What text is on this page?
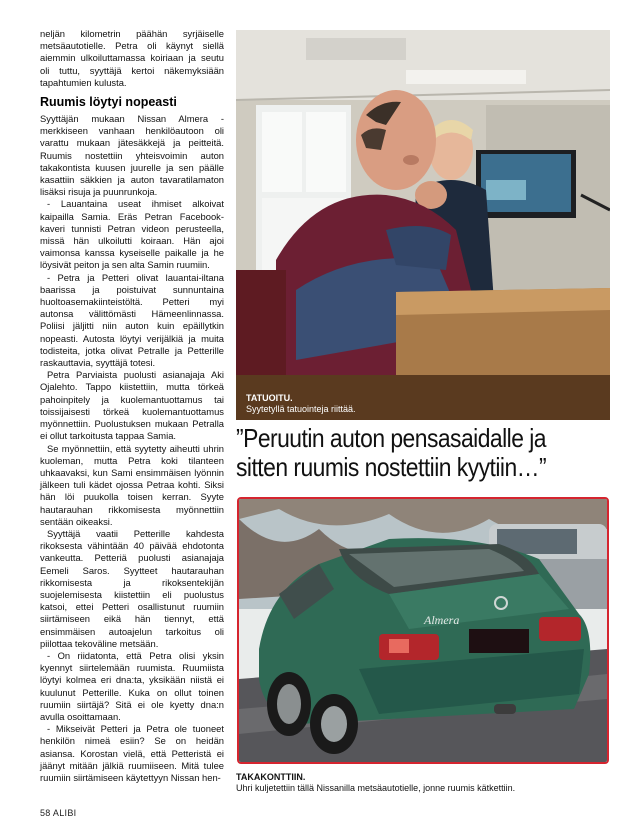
neljän kilometrin päähän syrjäiselle metsäautotielle. Petra oli käynyt siellä aiemmin ulkoiluttamassa koiriaan ja seutu oli tuttu, syyttäjä kertoi näkemyksiään tapahtumien kulusta.

Ruumis löytyi nopeasti

Syyttäjän mukaan Nissan Almera -merkkiseen vanhaan henkilöautoon oli varattu mukaan jätesäkkejä ja peitteitä. Ruumis nostettiin yhteisvoimin auton takakontista kuusen juurelle ja sen päälle kasattiin säkkien ja auton tavaratilamaton lisäksi risuja ja puunrunkoja.

- Lauantaina useat ihmiset alkoivat kaipailla Samia. Eräs Petran Facebook-kaveri tunnisti Petran videon perusteella, missä hän ulkoilutti koiraan. Hän ajoi vaimonsa kanssa kyseiselle paikalle ja he löysivät peiton ja sen alta Samin ruumiin.

- Petra ja Petteri olivat lauantai-iltana baarissa ja poistuivat sunnuntaina huoltoasemakiinteistöltä. Petteri myi autonsa välittömästi Hämeenlinnassa. Poliisi jäljitti niin auton kuin epäillytkin nopeasti. Autosta löytyi verijälkiä ja muita todisteita, jotka olivat Petralle ja Petterille raskauttavia, syyttäjä totesi.

Petra Parviaista puolusti asianajaja Aki Ojalehto. Tappo kiistettiin, mutta törkeä pahoinpitely ja kuolemantuottamus tai toissijaisesti törkeä kuolemantuottamus myönnettiin. Puolustuksen mukaan Petralla ei ollut tarkoitusta tappaa Samia.

Se myönnettiin, että syytetty aiheutti uhrin kuoleman, mutta Petra koki tilanteen uhkaavaksi, kun Sami ensimmäisen lyönnin jälkeen tuli kädet ojossa Petraa kohti. Siksi hän löi puukolla toisen kerran. Syyte hautarauhan rikkomisesta myönnettiin sentään oikeaksi.

Syyttäjä vaatii Petterille kahdesta rikoksesta vähintään 40 päivää ehdotonta vankeutta. Petteriä puolusti asianajaja Eemeli Saros. Syytteet hautarauhan rikkomisesta ja rikoksentekijän suojelemisesta kiistettiin eli puolustus katsoi, ettei Petteri osallistunut ruumiin siirtämiseen eikä hän tiennyt, että ensimmäisen autoajelun tarkoitus oli piilottaa tekoväline metsään.

- On riidatonta, että Petra olisi yksin kyennyt siirtelemään ruumista. Ruumiista löytyi kolmea eri dna:ta, yksikään niistä ei kuulunut Petterille. Kuka on ollut toinen ruumiin siirtäjä? Sitä ei ole kyetty dna:n avulla osoittamaan.

- Mikseivät Petteri ja Petra ole tuoneet henkilön nimeä esiin? Se on heidän asiansa. Korostan vielä, että Petteristä ei jäänyt mitään jälkiä ruumiiseen. Mitä tulee ruumiin siirtämiseen käytettyyn Nissan hen-

58 ALIBI
TATUOITU.
Syytetyllä tatuointeja riittää.
”Peruutin auton pensasaidalle ja
sitten ruumis nostettiin kyytiin…”
Almera
TAKAKONTTIIN.
Uhri kuljetettiin tällä Nissanilla metsäautotielle, jonne ruumis kätkettiin.
